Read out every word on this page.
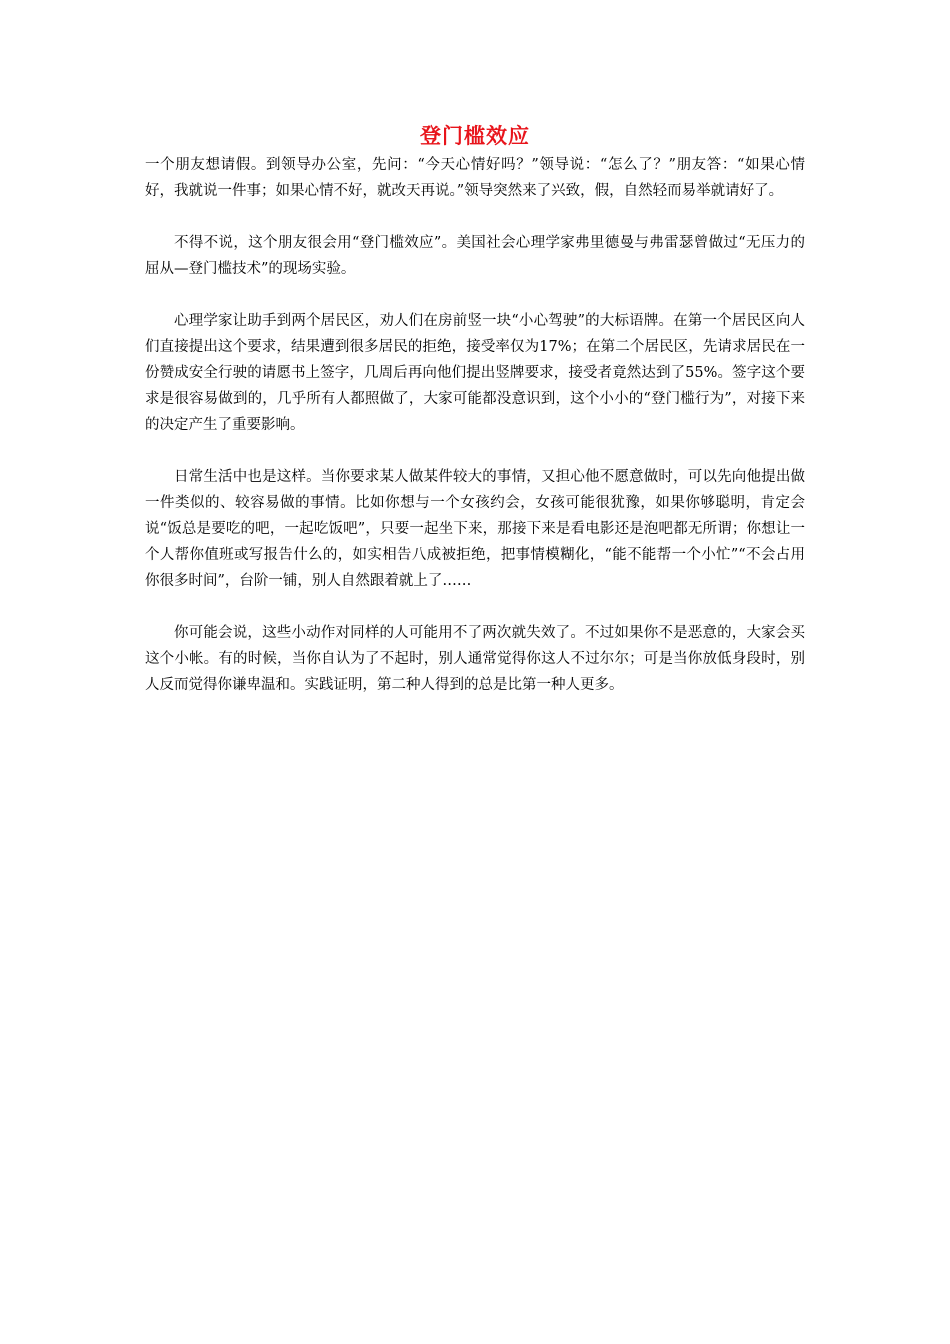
登门槛效应

一个朋友想请假。到领导办公室，先问：“今天心情好吗？”领导说：“怎么了？”朋友答：“如果心情好，我就说一件事；如果心情不好，就改天再说。”领导突然来了兴致，假，自然轻而易举就请好了。

不得不说，这个朋友很会用“登门槛效应”。美国社会心理学家弗里德曼与弗雷瑟曾做过“无压力的屈从—登门槛技术”的现场实验。

心理学家让助手到两个居民区，劝人们在房前竖一块“小心驾驶”的大标语牌。在第一个居民区向人们直接提出这个要求，结果遭到很多居民的拒绝，接受率仅为17%；在第二个居民区，先请求居民在一份赞成安全行驶的请愿书上签字，几周后再向他们提出竖牌要求，接受者竟然达到了55%。签字这个要求是很容易做到的，几乎所有人都照做了，大家可能都没意识到，这个小小的“登门槛行为”，对接下来的决定产生了重要影响。

日常生活中也是这样。当你要求某人做某件较大的事情，又担心他不愿意做时，可以先向他提出做一件类似的、较容易做的事情。比如你想与一个女孩约会，女孩可能很犹豫，如果你够聪明，肯定会说“饭总是要吃的吧，一起吃饭吧”，只要一起坐下来，那接下来是看电影还是泡吧都无所谓；你想让一个人帮你值班或写报告什么的，如实相告八成被拒绝，把事情模糊化，“能不能帮一个小忙”“不会占用你很多时间”，台阶一铺，别人自然跟着就上了……

你可能会说，这些小动作对同样的人可能用不了两次就失效了。不过如果你不是恶意的，大家会买这个小帐。有的时候，当你自认为了不起时，别人通常觉得你这人不过尔尔；可是当你放低身段时，别人反而觉得你谦卑温和。实践证明，第二种人得到的总是比第一种人更多。
